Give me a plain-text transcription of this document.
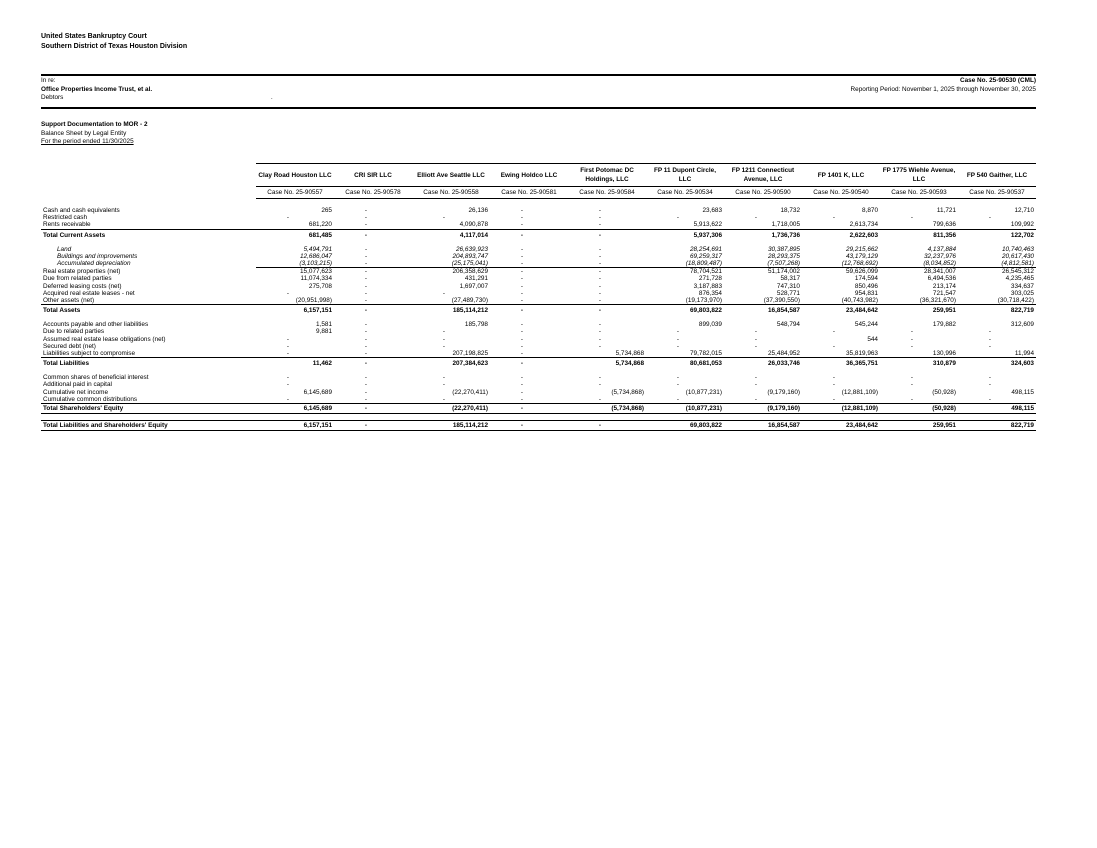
United States Bankruptcy Court
Southern District of Texas Houston Division
In re:
Office Properties Income Trust, et al.
Debtors	.
Case No. 25-90530 (CML)
Reporting Period: November 1, 2025 through November 30, 2025
Support Documentation to MOR - 2
Balance Sheet by Legal Entity
For the period ended 11/30/2025
	Clay Road Houston LLC	CRI SIR LLC	Elliott Ave Seattle LLC	Ewing Holdco LLC	First Potomac DC Holdings, LLC	FP 11 Dupont Circle, LLC	FP 1211 Connecticut Avenue, LLC	FP 1401 K, LLC	FP 1775 Wiehle Avenue, LLC	FP 540 Gaither, LLC
	Case No. 25-90557	Case No. 25-90578	Case No. 25-90558	Case No. 25-90581	Case No. 25-90584	Case No. 25-90534	Case No. 25-90590	Case No. 25-90540	Case No. 25-90593	Case No. 25-90537

Cash and cash equivalents	265	-	26,136	-	-	23,683	18,732	8,870	11,721	12,710
Restricted cash	-	-	-	-	-	-	-	-	-	-
Rents receivable	681,220	-	4,090,878	-	-	5,913,622	1,718,005	2,613,734	799,636	109,992
Total Current Assets	681,485	-	4,117,014	-	-	5,937,306	1,736,736	2,622,603	811,356	122,702

Land	5,494,791	-	26,639,923	-	-	28,254,691	30,387,895	29,215,662	4,137,884	10,740,463
Buildings and improvements	12,686,047	-	204,893,747	-	-	69,259,317	28,293,375	43,179,129	32,237,976	20,617,430
Accumulated depreciation	(3,103,215)	-	(25,175,041)	-	-	(18,809,487)	(7,507,268)	(12,768,692)	(8,034,852)	(4,812,581)
Real estate properties (net)	15,077,623	-	206,358,629	-	-	78,704,521	51,174,002	59,626,099	28,341,007	26,545,312
Due from related parties	11,074,334	-	431,291	-	-	271,728	58,317	174,594	6,494,536	4,235,465
Deferred leasing costs (net)	275,708	-	1,697,007	-	-	3,187,883	747,310	850,496	213,174	334,637
Acquired real estate leases - net	-	-	-	-	-	876,354	528,771	954,831	721,547	303,025
Other assets (net)	(20,951,998)	-	(27,489,730)	-	-	(19,173,970)	(37,390,550)	(40,743,982)	(36,321,670)	(30,718,422)
Total Assets	6,157,151	-	185,114,212	-	-	69,803,822	16,854,587	23,484,642	259,951	822,719

Accounts payable and other liabilities	1,581	-	185,798	-	-	899,039	548,794	545,244	179,882	312,609
Due to related parties	9,881	-	-	-	-	-	-	-	-	-
Assumed real estate lease obligations (net)	-	-	-	-	-	-	-	544	-	-
Secured debt (net)	-	-	-	-	-	-	-	-	-	-
Liabilities subject to compromise	-	-	207,198,825	-	5,734,868	79,782,015	25,484,952	35,819,963	130,996	11,994
Total Liabilities	11,462	-	207,384,623	-	5,734,868	80,681,053	26,033,746	36,365,751	310,879	324,603

Common shares of beneficial interest	-	-	-	-	-	-	-	-	-	-
Additional paid in capital	-	-	-	-	-	-	-	-	-	-
Cumulative net income	6,145,689	-	(22,270,411)	-	(5,734,868)	(10,877,231)	(9,179,160)	(12,881,109)	(50,928)	498,115
Cumulative common distributions	-	-	-	-	-	-	-	-	-	-
Total Shareholders' Equity	6,145,689	-	(22,270,411)	-	(5,734,868)	(10,877,231)	(9,179,160)	(12,881,109)	(50,928)	498,115

Total Liabilities and Shareholders' Equity	6,157,151	-	185,114,212	-	-	69,803,822	16,854,587	23,484,642	259,951	822,719
